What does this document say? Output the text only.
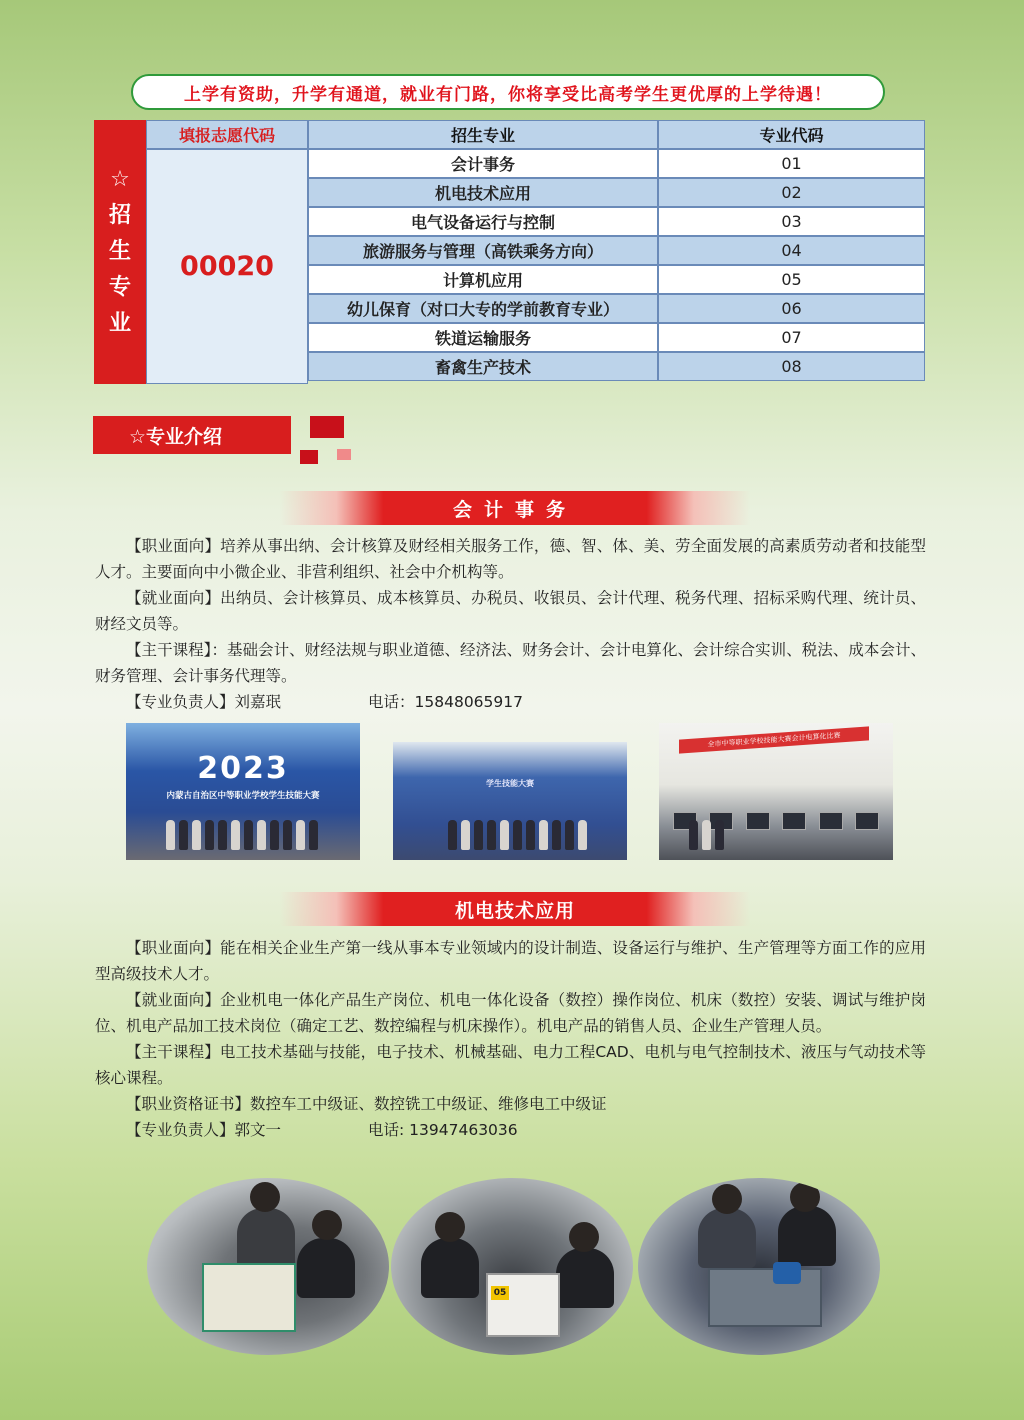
上学有资助，升学有通道，就业有门路，你将享受比高考学生更优厚的上学待遇！
☆
招
生
专
业
填报志愿代码	招生专业	专业代码
00020
会计事务	01
机电技术应用	02
电气设备运行与控制	03
旅游服务与管理（高铁乘务方向）	04
计算机应用	05
幼儿保育（对口大专的学前教育专业）	06
铁道运输服务	07
畜禽生产技术	08
☆专业介绍
会计事务

【职业面向】培养从事出纳、会计核算及财经相关服务工作，德、智、体、美、劳全面发展的高素质劳动者和技能型人才。主要面向中小微企业、非营利组织、社会中介机构等。

【就业面向】出纳员、会计核算员、成本核算员、办税员、收银员、会计代理、税务代理、招标采购代理、统计员、财经文员等。

【主干课程】：基础会计、财经法规与职业道德、经济法、财务会计、会计电算化、会计综合实训、税法、成本会计、财务管理、会计事务代理等。

【专业负责人】刘嘉珉	电话：15848065917

2023
内蒙古自治区中等职业学校学生技能大赛
学生技能大赛
全市中等职业学校技能大赛会计电算化比赛
机电技术应用

【职业面向】能在相关企业生产第一线从事本专业领域内的设计制造、设备运行与维护、生产管理等方面工作的应用型高级技术人才。

【就业面向】企业机电一体化产品生产岗位、机电一体化设备（数控）操作岗位、机床（数控）安装、调试与维护岗位、机电产品加工技术岗位（确定工艺、数控编程与机床操作）。机电产品的销售人员、企业生产管理人员。

【主干课程】电工技术基础与技能，电子技术、机械基础、电力工程CAD、电机与电气控制技术、液压与气动技术等核心课程。

【职业资格证书】数控车工中级证、数控铣工中级证、维修电工中级证

【专业负责人】郭文一	电话: 13947463036

05
